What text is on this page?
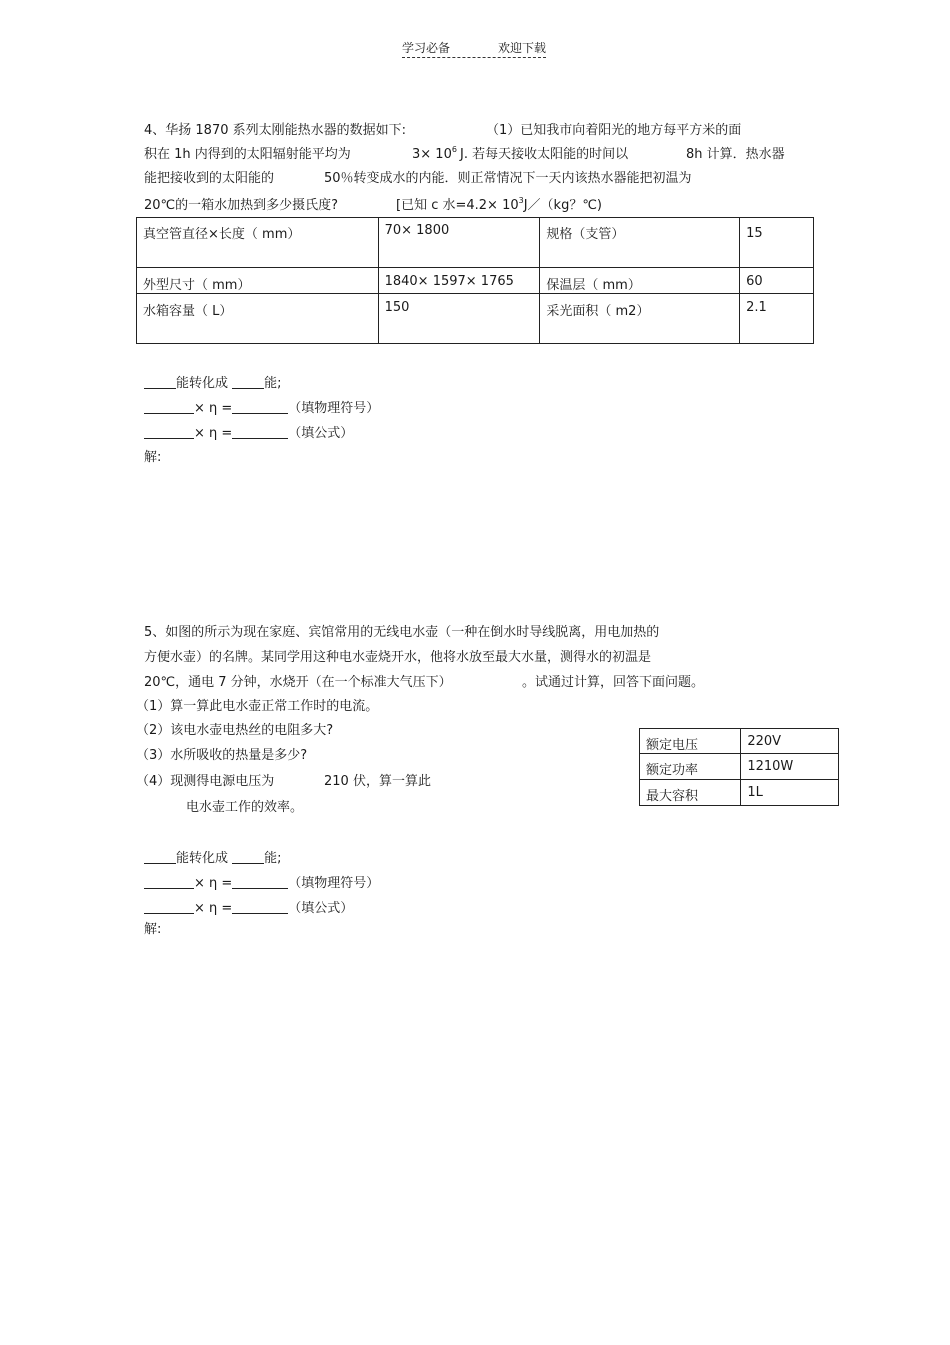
学习必备	欢迎下载
4、华扬 1870 系列太刚能热水器的数据如下:	（1）已知我市向着阳光的地方每平方米的面
积在 1h 内得到的太阳辐射能平均为	$3\times 10^6$ J. 若每天接收太阳能的时间以	8h 计算．热水器
能把接收到的太阳能的	50％转变成水的内能．则正常情况下一天内该热水器能把初温为
20℃的一箱水加热到多少摄氏度?	[已知 c 水$=4.2\times 10^3J/(kg$？℃)
真空管直径×长度（ mm）	70× 1800	规格（支管）	15
外型尺寸（ mm）	1840× 1597× 1765	保温层（ mm）	60
水箱容量（ L）	150	采光面积（ m2）	2.1
能转化成	能;
× η =	（填物理符号）
× η =	（填公式）
解:
5、如图的所示为现在家庭、宾馆常用的无线电水壶（一种在倒水时导线脱离，用电加热的
方便水壶）的名牌。某同学用这种电水壶烧开水，他将水放至最大水量，测得水的初温是
20℃，通电 7 分钟，水烧开（在一个标准大气压下）	。试通过计算，回答下面问题。
（1）算一算此电水壶正常工作时的电流。
（2）该电水壶电热丝的电阻多大?
（3）水所吸收的热量是多少?
（4）现测得电源电压为	210 伏，算一算此
电水壶工作的效率。
额定电压	220V
额定功率	1210W
最大容积	1L
能转化成	能;
× η =	（填物理符号）
× η =	（填公式）
解:
